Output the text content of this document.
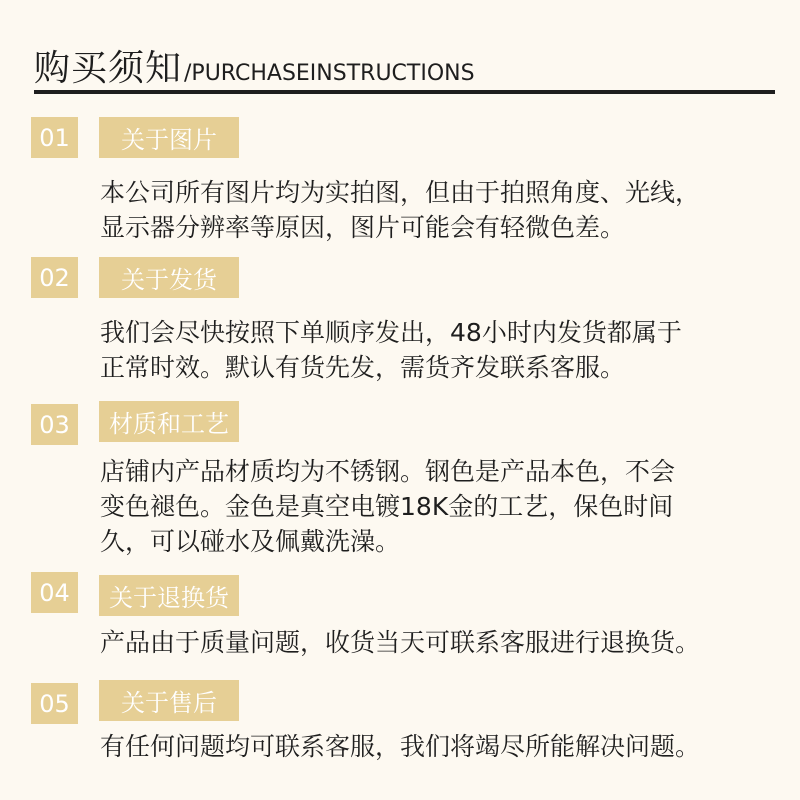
购买须知 /PURCHASEINSTRUCTIONS
01	关于图片
本公司所有图片均为实拍图，但由于拍照角度、光线，
显示器分辨率等原因，图片可能会有轻微色差。
02	关于发货
我们会尽快按照下单顺序发出，48小时内发货都属于
正常时效。默认有货先发，需货齐发联系客服。
03	材质和工艺
店铺内产品材质均为不锈钢。钢色是产品本色，不会
变色褪色。金色是真空电镀18K金的工艺，保色时间
久，可以碰水及佩戴洗澡。
04	关于退换货
产品由于质量问题，收货当天可联系客服进行退换货。
05	关于售后
有任何问题均可联系客服，我们将竭尽所能解决问题。
